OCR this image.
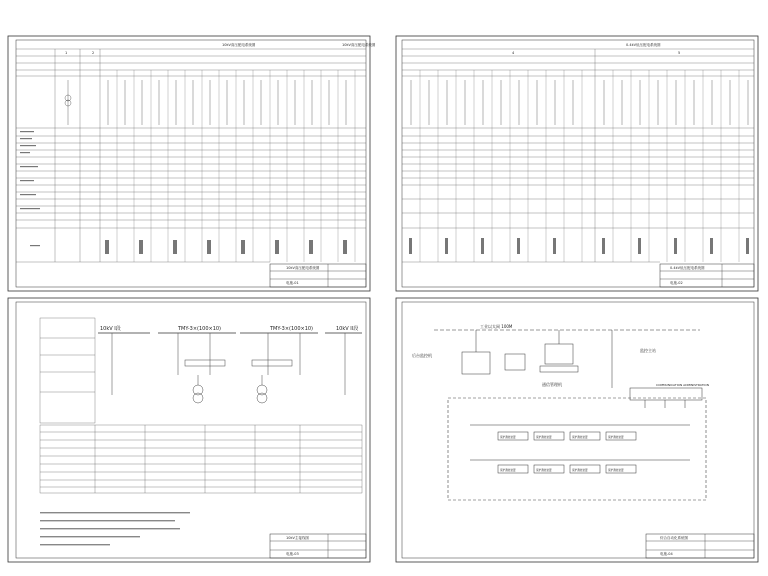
10kV高压配电系统图	10kV高压配电系统图
1	2
10kV高压配电系统图
电施-01
0.4kV低压配电系统图
4	5
0.4kV低压配电系统图
电施-02
10kV I段	TMY-3×(100×10)	TMY-3×(100×10)	10kV II段
10kV主接线图
电施-03
工业以太网 100M
后台监控机
监控主站
通信管理机	COMMUNICATION ADMINISTRATION
保护测控装置	保护测控装置	保护测控装置	保护测控装置
保护测控装置	保护测控装置	保护测控装置	保护测控装置
综合自动化系统图
电施-04
